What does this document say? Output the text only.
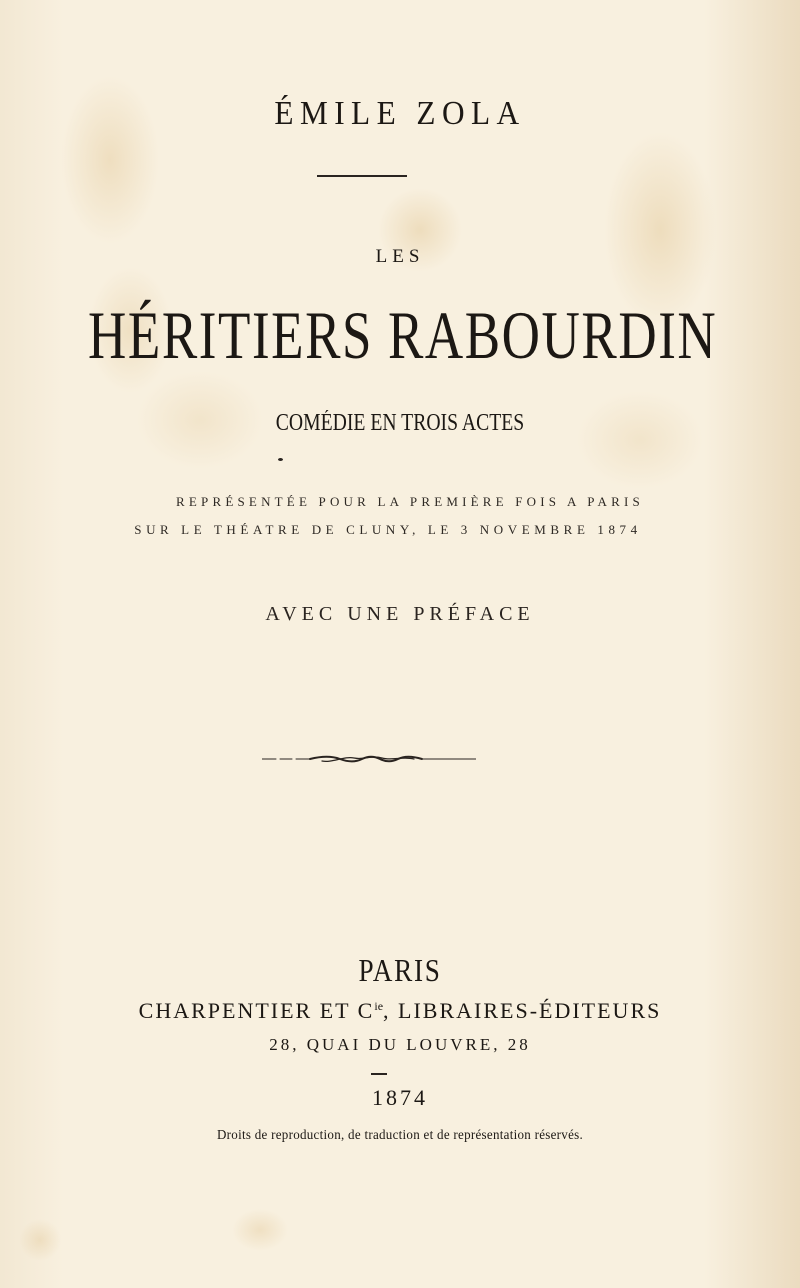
ÉMILE ZOLA
LES
HÉRITIERS RABOURDIN
COMÉDIE EN TROIS ACTES
REPRÉSENTÉE POUR LA PREMIÈRE FOIS A PARIS
SUR LE THÉATRE DE CLUNY, LE 3 NOVEMBRE 1874
AVEC UNE PRÉFACE
PARIS
CHARPENTIER ET $C^{ie}$, LIBRAIRES-ÉDITEURS
28, QUAI DU LOUVRE, 28
1874
Droits de reproduction, de traduction et de représentation réservés.
